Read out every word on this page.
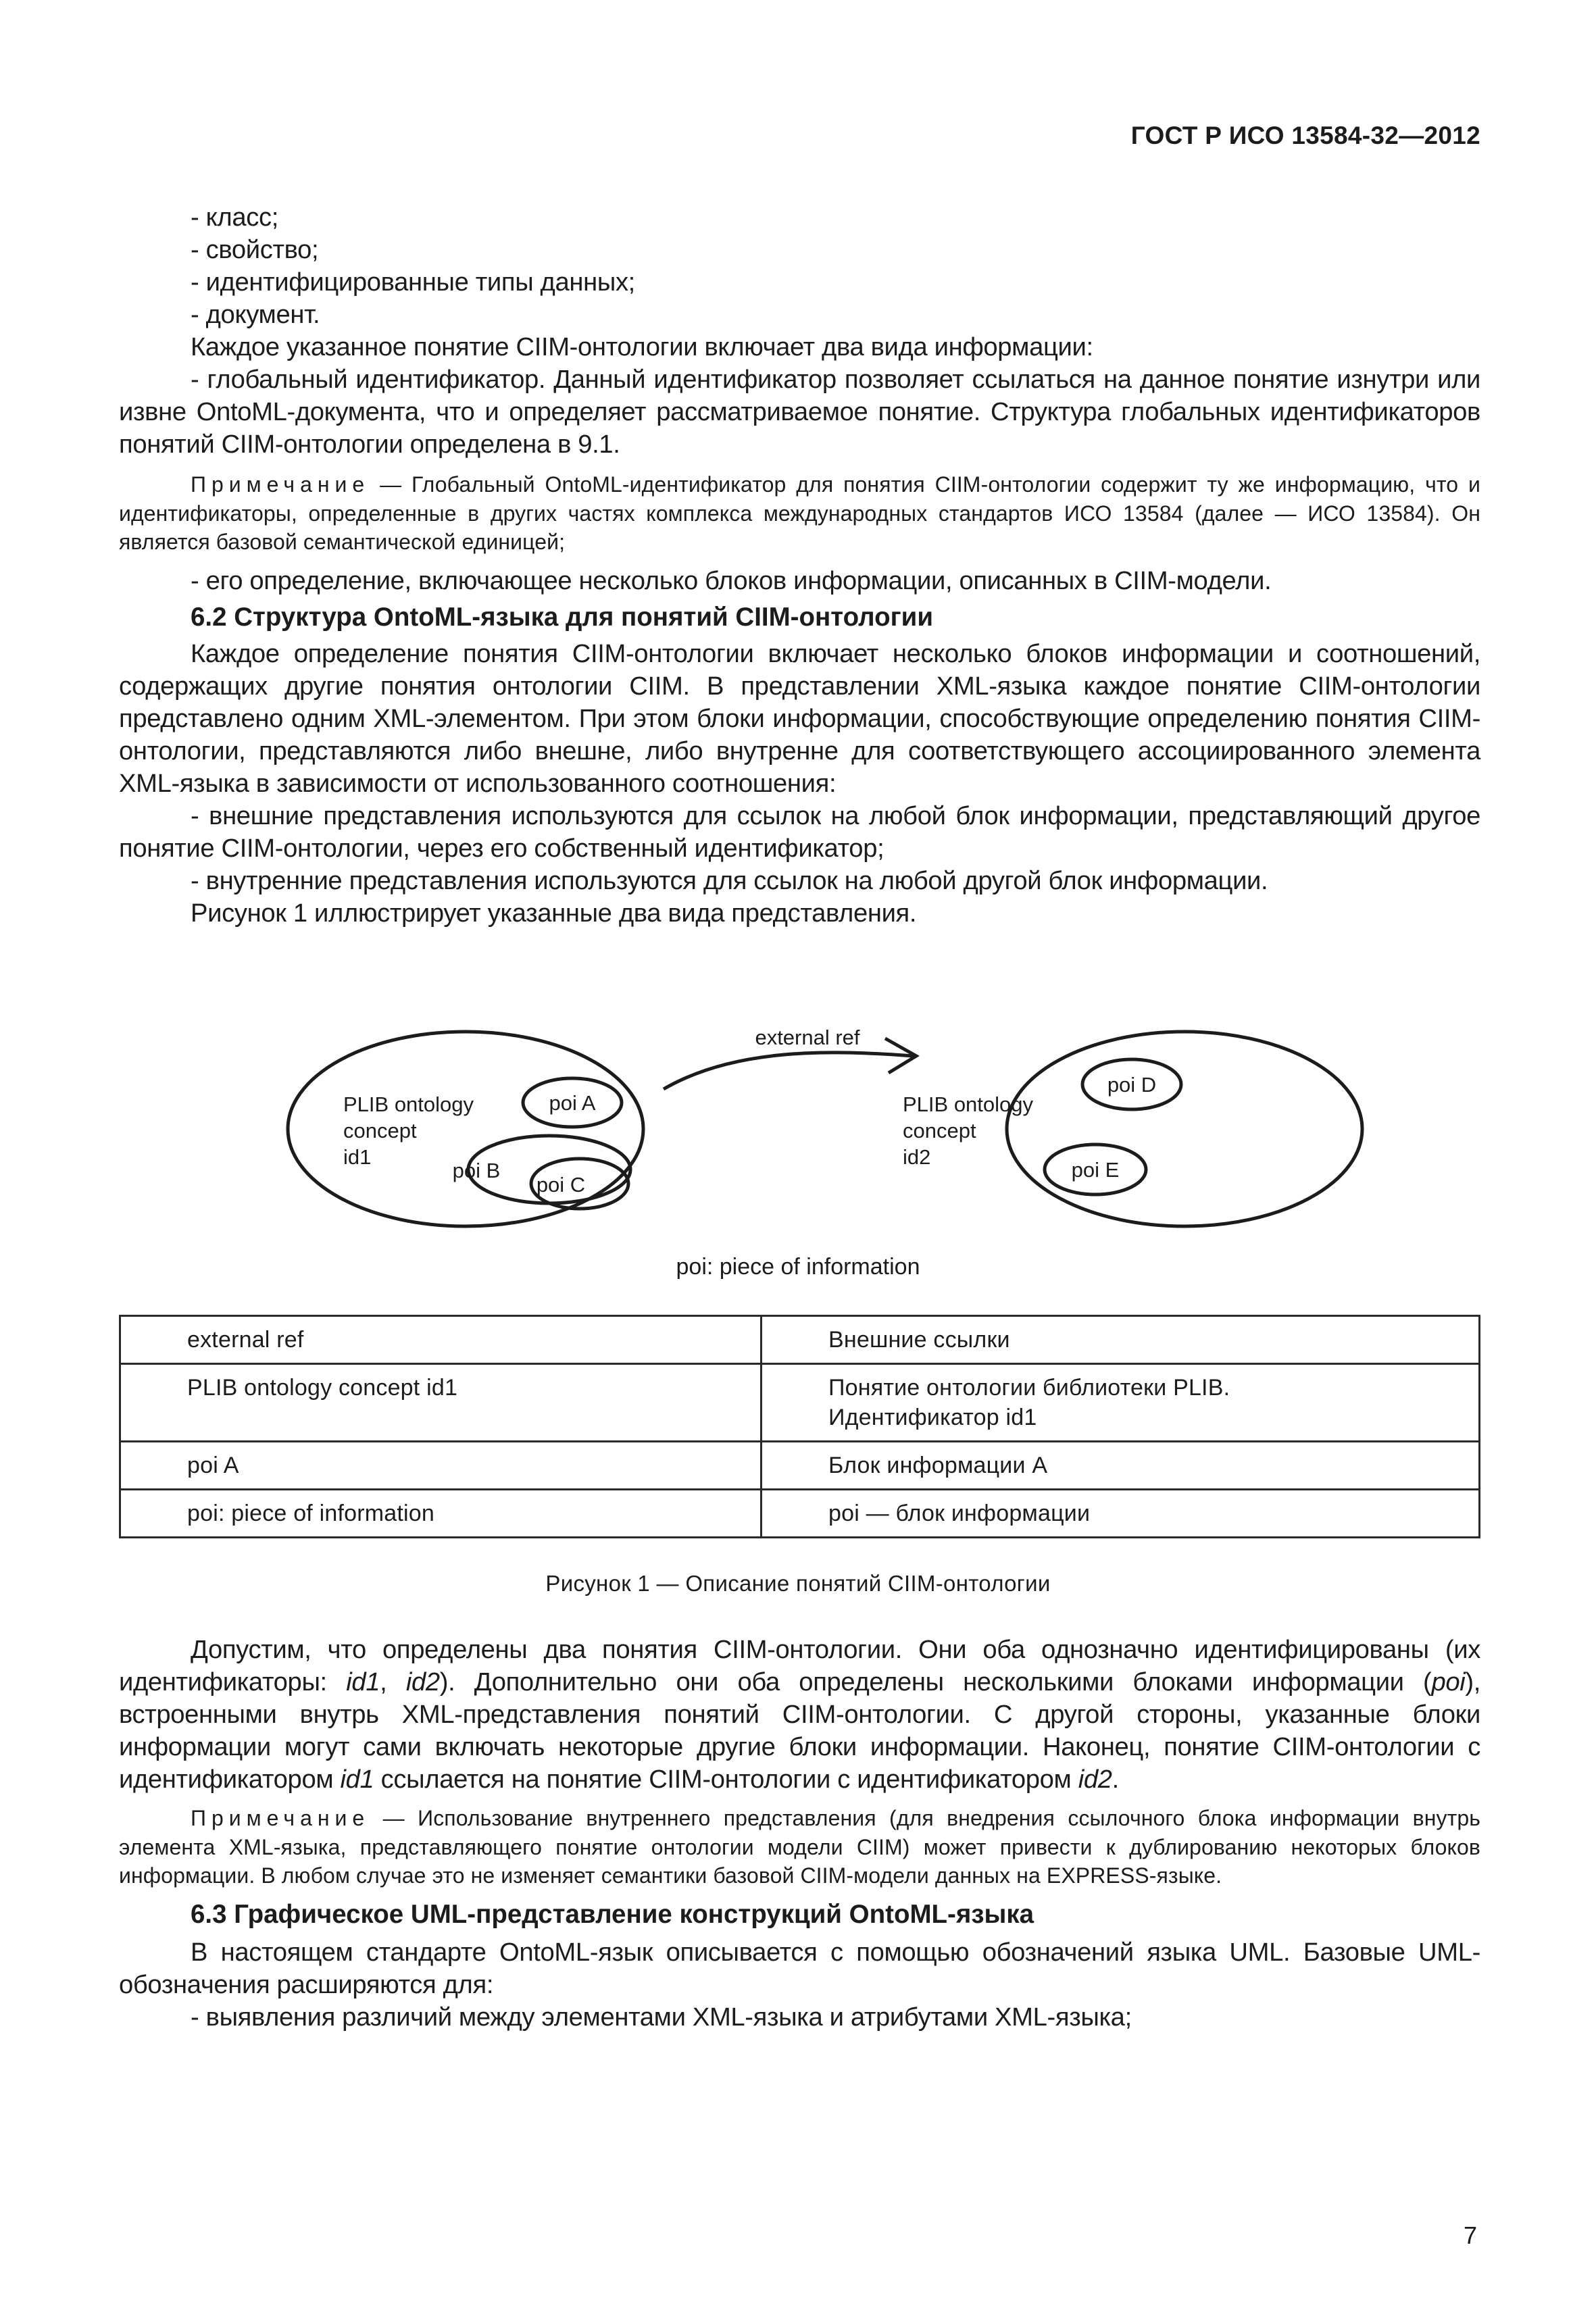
ГОСТ Р ИСО 13584-32—2012

- класс;

- свойство;

- идентифицированные типы данных;

- документ.

Каждое указанное понятие CIIM-онтологии включает два вида информации:

- глобальный идентификатор. Данный идентификатор позволяет ссылаться на данное понятие изнутри или извне OntoML-документа, что и определяет рассматриваемое понятие. Структура глобальных идентификаторов понятий CIIM-онтологии определена в 9.1.

Примечание — Глобальный OntoML-идентификатор для понятия CIIM-онтологии содержит ту же информацию, что и идентификаторы, определенные в других частях комплекса международных стандартов ИСО 13584 (далее — ИСО 13584). Он является базовой семантической единицей;

- его определение, включающее несколько блоков информации, описанных в CIIM-модели.

6.2 Структура OntoML-языка для понятий CIIM-онтологии

Каждое определение понятия CIIM-онтологии включает несколько блоков информации и соотношений, содержащих другие понятия онтологии CIIM. В представлении XML-языка каждое понятие CIIM-онтологии представлено одним XML-элементом. При этом блоки информации, способствующие определению понятия CIIM-онтологии, представляются либо внешне, либо внутренне для соответствующего ассоциированного элемента XML-языка в зависимости от использованного соотношения:

- внешние представления используются для ссылок на любой блок информации, представляющий другое понятие CIIM-онтологии, через его собственный идентификатор;

- внутренние представления используются для ссылок на любой другой блок информации.

Рисунок 1 иллюстрирует указанные два вида представления.

external ref
PLIB ontology
concept
id1
PLIB ontology
concept
id2
poi A
poi B
poi C
poi D
poi E
poi: piece of information
external ref	Внешние ссылки
PLIB ontology concept id1	Понятие онтологии библиотеки PLIB.
Идентификатор id1

poi A	Блок информации А
poi: piece of information	poi — блок информации
Рисунок 1 — Описание понятий CIIM-онтологии

Допустим, что определены два понятия CIIM-онтологии. Они оба однозначно идентифицированы (их идентификаторы: id1, id2). Дополнительно они оба определены несколькими блоками информации (poi), встроенными внутрь XML-представления понятий CIIM-онтологии. С другой стороны, указанные блоки информации могут сами включать некоторые другие блоки информации. Наконец, понятие CIIM-онтологии с идентификатором id1 ссылается на понятие CIIM-онтологии с идентификатором id2.

Примечание — Использование внутреннего представления (для внедрения ссылочного блока информации внутрь элемента XML-языка, представляющего понятие онтологии модели CIIM) может привести к дублированию некоторых блоков информации. В любом случае это не изменяет семантики базовой CIIM-модели данных на EXPRESS-языке.

6.3 Графическое UML-представление конструкций OntoML-языка

В настоящем стандарте OntoML-язык описывается с помощью обозначений языка UML. Базовые UML-обозначения расширяются для:

- выявления различий между элементами XML-языка и атрибутами XML-языка;

7
